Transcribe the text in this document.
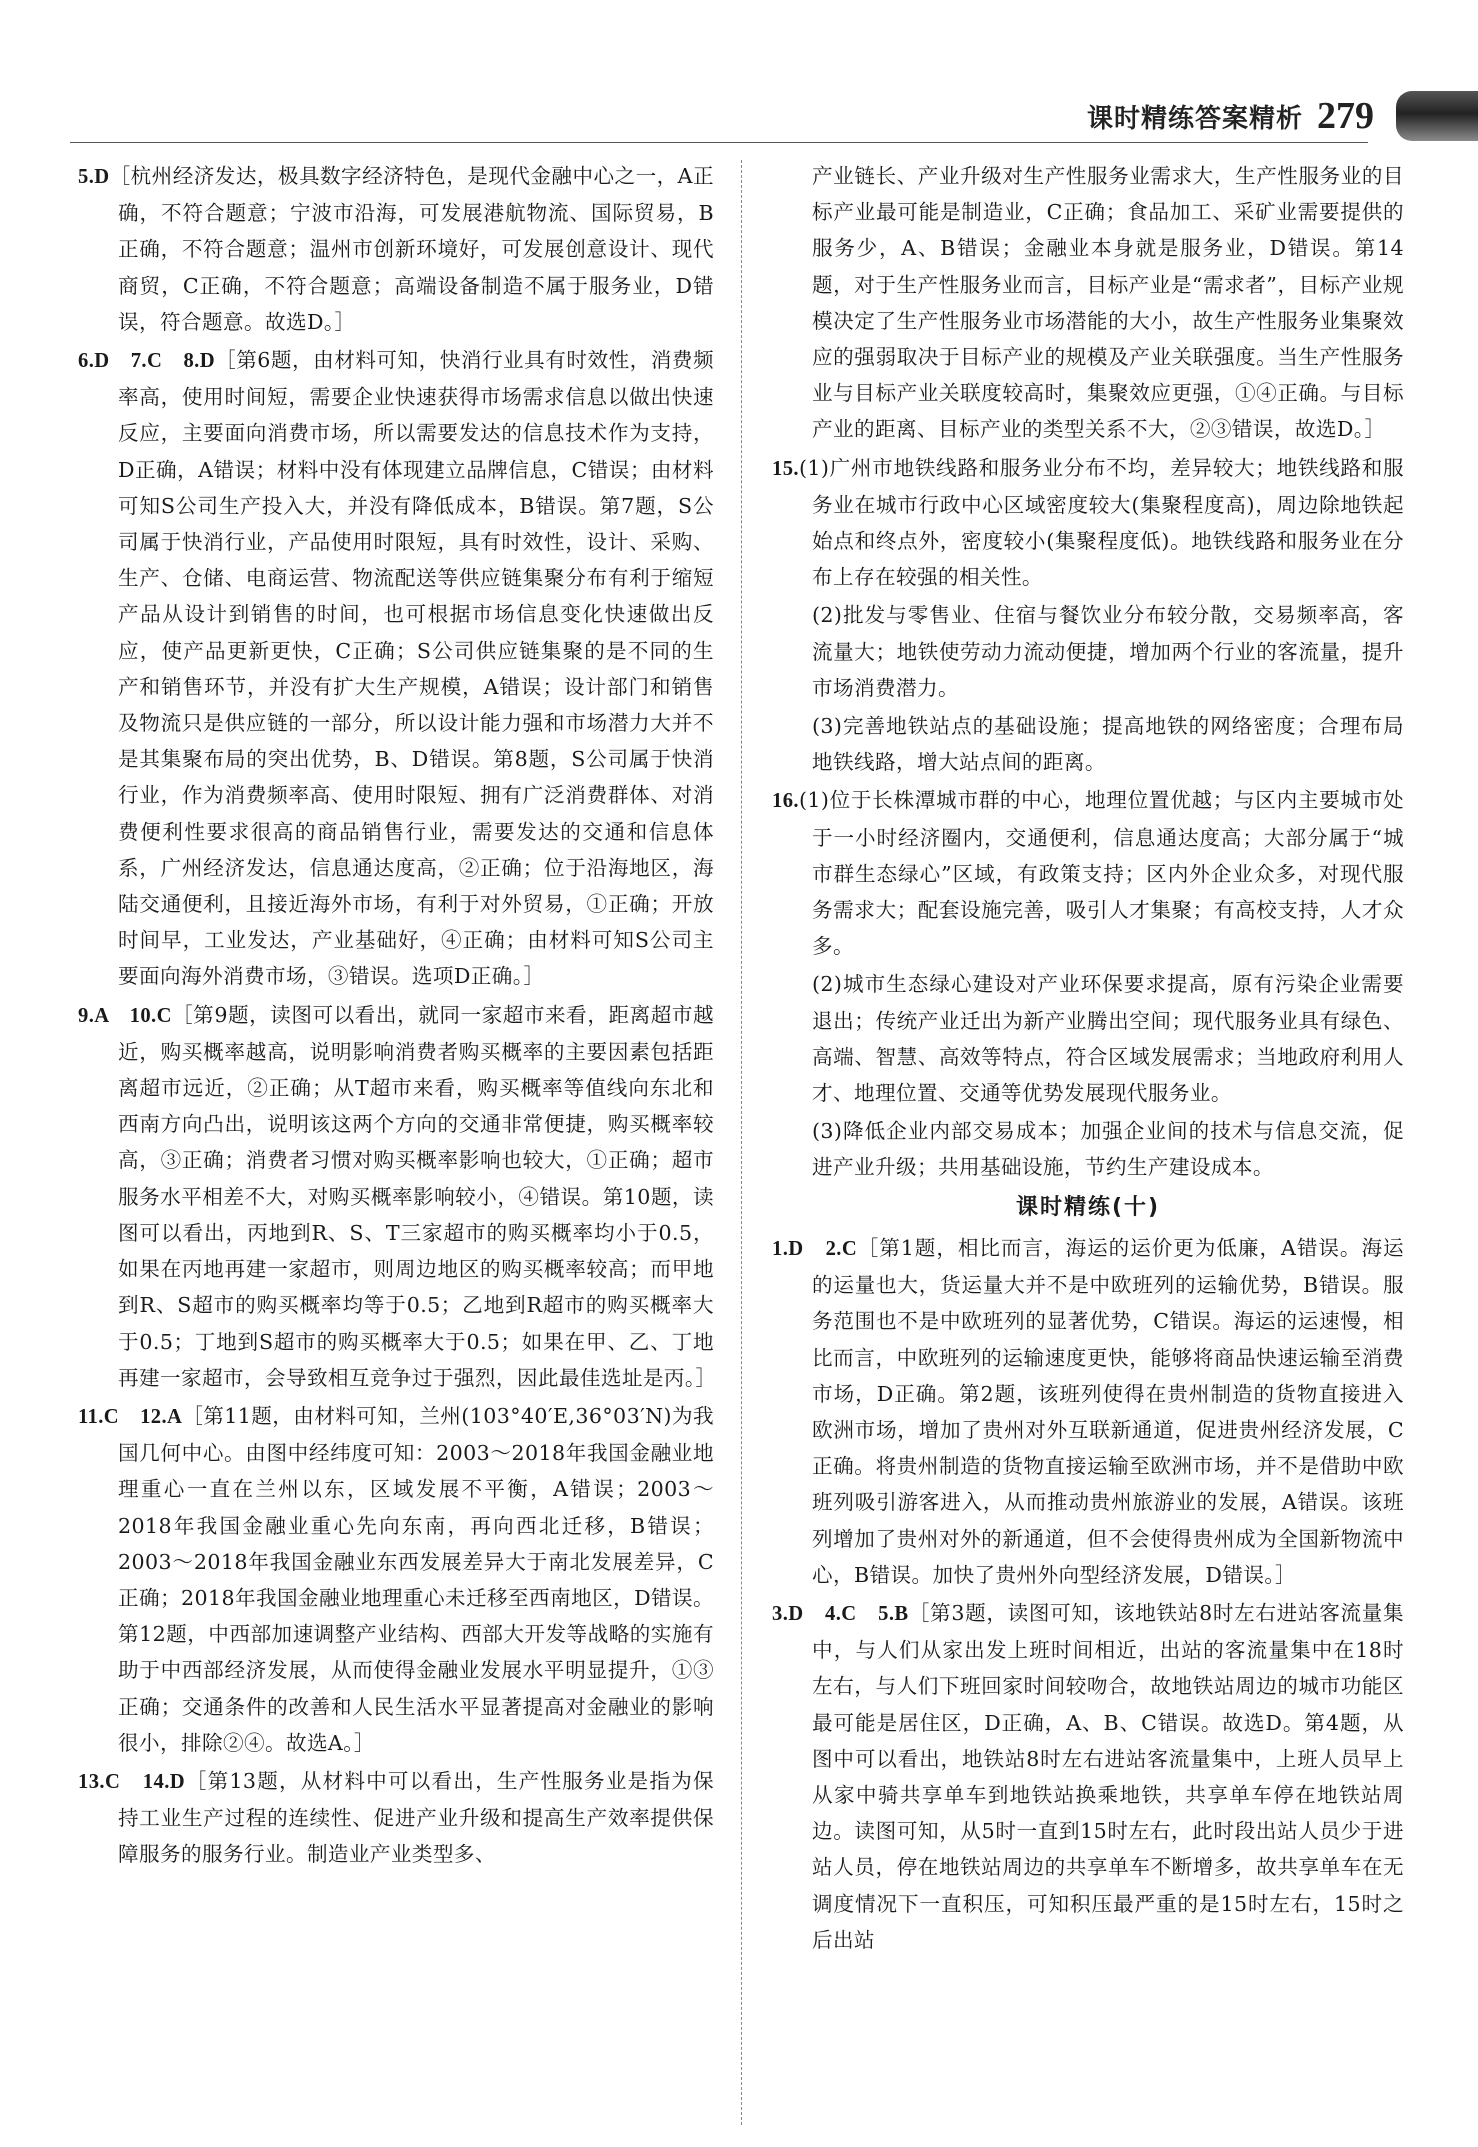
课时精练答案精析 279

5.D［杭州经济发达，极具数字经济特色，是现代金融中心之一，A正确，不符合题意；宁波市沿海，可发展港航物流、国际贸易，B正确，不符合题意；温州市创新环境好，可发展创意设计、现代商贸，C正确，不符合题意；高端设备制造不属于服务业，D错误，符合题意。故选D。］

6.D　7.C　8.D［第6题，由材料可知，快消行业具有时效性，消费频率高，使用时间短，需要企业快速获得市场需求信息以做出快速反应，主要面向消费市场，所以需要发达的信息技术作为支持，D正确，A错误；材料中没有体现建立品牌信息，C错误；由材料可知S公司生产投入大，并没有降低成本，B错误。第7题，S公司属于快消行业，产品使用时限短，具有时效性，设计、采购、生产、仓储、电商运营、物流配送等供应链集聚分布有利于缩短产品从设计到销售的时间，也可根据市场信息变化快速做出反应，使产品更新更快，C正确；S公司供应链集聚的是不同的生产和销售环节，并没有扩大生产规模，A错误；设计部门和销售及物流只是供应链的一部分，所以设计能力强和市场潜力大并不是其集聚布局的突出优势，B、D错误。第8题，S公司属于快消行业，作为消费频率高、使用时限短、拥有广泛消费群体、对消费便利性要求很高的商品销售行业，需要发达的交通和信息体系，广州经济发达，信息通达度高，②正确；位于沿海地区，海陆交通便利，且接近海外市场，有利于对外贸易，①正确；开放时间早，工业发达，产业基础好，④正确；由材料可知S公司主要面向海外消费市场，③错误。选项D正确。］

9.A　10.C［第9题，读图可以看出，就同一家超市来看，距离超市越近，购买概率越高，说明影响消费者购买概率的主要因素包括距离超市远近，②正确；从T超市来看，购买概率等值线向东北和西南方向凸出，说明该这两个方向的交通非常便捷，购买概率较高，③正确；消费者习惯对购买概率影响也较大，①正确；超市服务水平相差不大，对购买概率影响较小，④错误。第10题，读图可以看出，丙地到R、S、T三家超市的购买概率均小于0.5，如果在丙地再建一家超市，则周边地区的购买概率较高；而甲地到R、S超市的购买概率均等于0.5；乙地到R超市的购买概率大于0.5；丁地到S超市的购买概率大于0.5；如果在甲、乙、丁地再建一家超市，会导致相互竞争过于强烈，因此最佳选址是丙。］

11.C　12.A［第11题，由材料可知，兰州(103°40′E,36°03′N)为我国几何中心。由图中经纬度可知：2003～2018年我国金融业地理重心一直在兰州以东，区域发展不平衡，A错误；2003～2018年我国金融业重心先向东南，再向西北迁移，B错误；2003～2018年我国金融业东西发展差异大于南北发展差异，C正确；2018年我国金融业地理重心未迁移至西南地区，D错误。第12题，中西部加速调整产业结构、西部大开发等战略的实施有助于中西部经济发展，从而使得金融业发展水平明显提升，①③正确；交通条件的改善和人民生活水平显著提高对金融业的影响很小，排除②④。故选A。］

13.C　14.D［第13题，从材料中可以看出，生产性服务业是指为保持工业生产过程的连续性、促进产业升级和提高生产效率提供保障服务的服务行业。制造业产业类型多、

产业链长、产业升级对生产性服务业需求大，生产性服务业的目标产业最可能是制造业，C正确；食品加工、采矿业需要提供的服务少，A、B错误；金融业本身就是服务业，D错误。第14题，对于生产性服务业而言，目标产业是“需求者”，目标产业规模决定了生产性服务业市场潜能的大小，故生产性服务业集聚效应的强弱取决于目标产业的规模及产业关联强度。当生产性服务业与目标产业关联度较高时，集聚效应更强，①④正确。与目标产业的距离、目标产业的类型关系不大，②③错误，故选D。］

15.(1)广州市地铁线路和服务业分布不均，差异较大；地铁线路和服务业在城市行政中心区域密度较大(集聚程度高)，周边除地铁起始点和终点外，密度较小(集聚程度低)。地铁线路和服务业在分布上存在较强的相关性。

(2)批发与零售业、住宿与餐饮业分布较分散，交易频率高，客流量大；地铁使劳动力流动便捷，增加两个行业的客流量，提升市场消费潜力。

(3)完善地铁站点的基础设施；提高地铁的网络密度；合理布局地铁线路，增大站点间的距离。

16.(1)位于长株潭城市群的中心，地理位置优越；与区内主要城市处于一小时经济圈内，交通便利，信息通达度高；大部分属于“城市群生态绿心”区域，有政策支持；区内外企业众多，对现代服务需求大；配套设施完善，吸引人才集聚；有高校支持，人才众多。

(2)城市生态绿心建设对产业环保要求提高，原有污染企业需要退出；传统产业迁出为新产业腾出空间；现代服务业具有绿色、高端、智慧、高效等特点，符合区域发展需求；当地政府利用人才、地理位置、交通等优势发展现代服务业。

(3)降低企业内部交易成本；加强企业间的技术与信息交流，促进产业升级；共用基础设施，节约生产建设成本。

课时精练(十)

1.D　2.C［第1题，相比而言，海运的运价更为低廉，A错误。海运的运量也大，货运量大并不是中欧班列的运输优势，B错误。服务范围也不是中欧班列的显著优势，C错误。海运的运速慢，相比而言，中欧班列的运输速度更快，能够将商品快速运输至消费市场，D正确。第2题，该班列使得在贵州制造的货物直接进入欧洲市场，增加了贵州对外互联新通道，促进贵州经济发展，C正确。将贵州制造的货物直接运输至欧洲市场，并不是借助中欧班列吸引游客进入，从而推动贵州旅游业的发展，A错误。该班列增加了贵州对外的新通道，但不会使得贵州成为全国新物流中心，B错误。加快了贵州外向型经济发展，D错误。］

3.D　4.C　5.B［第3题，读图可知，该地铁站8时左右进站客流量集中，与人们从家出发上班时间相近，出站的客流量集中在18时左右，与人们下班回家时间较吻合，故地铁站周边的城市功能区最可能是居住区，D正确，A、B、C错误。故选D。第4题，从图中可以看出，地铁站8时左右进站客流量集中，上班人员早上从家中骑共享单车到地铁站换乘地铁，共享单车停在地铁站周边。读图可知，从5时一直到15时左右，此时段出站人员少于进站人员，停在地铁站周边的共享单车不断增多，故共享单车在无调度情况下一直积压，可知积压最严重的是15时左右，15时之后出站
